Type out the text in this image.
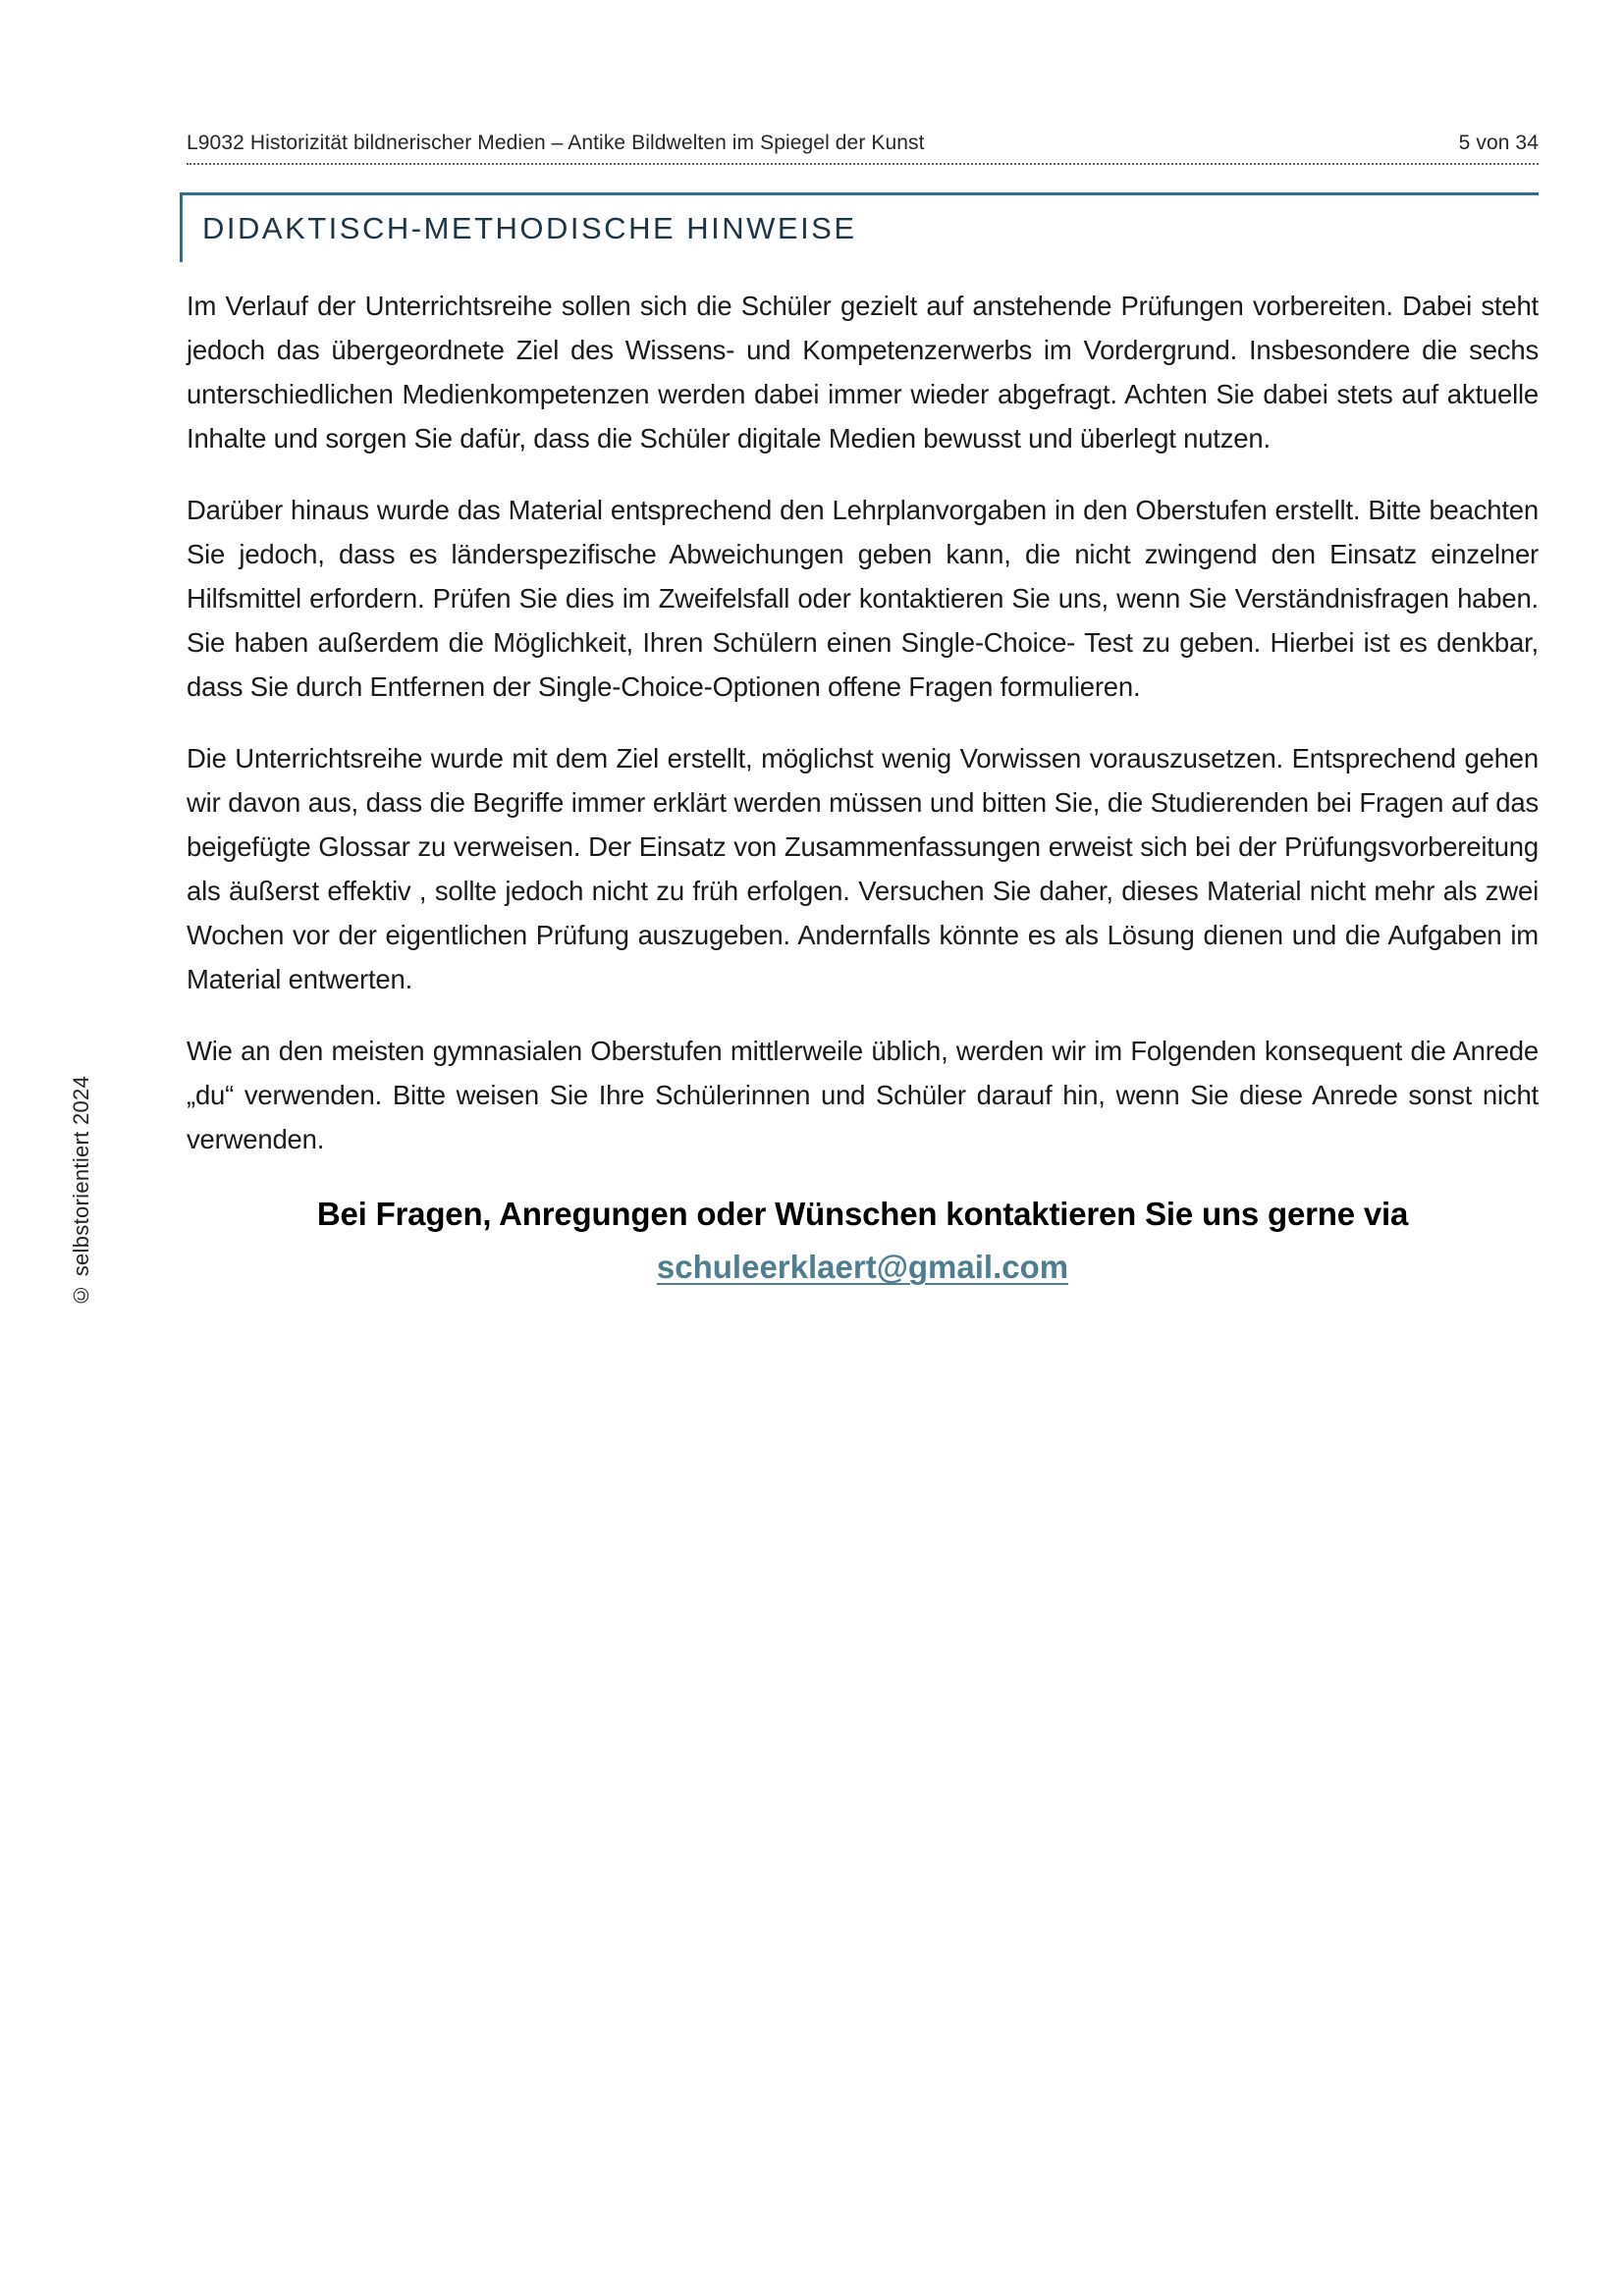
L9032 Historizität bildnerischer Medien – Antike Bildwelten im Spiegel der Kunst	5 von 34
DIDAKTISCH-METHODISCHE HINWEISE

Im Verlauf der Unterrichtsreihe sollen sich die Schüler gezielt auf anstehende Prüfungen vorbereiten. Dabei steht jedoch das übergeordnete Ziel des Wissens- und Kompetenzerwerbs im Vordergrund. Insbesondere die sechs unterschiedlichen Medienkompetenzen werden dabei immer wieder abgefragt. Achten Sie dabei stets auf aktuelle Inhalte und sorgen Sie dafür, dass die Schüler digitale Medien bewusst und überlegt nutzen.

Darüber hinaus wurde das Material entsprechend den Lehrplanvorgaben in den Oberstufen erstellt. Bitte beachten Sie jedoch, dass es länderspezifische Abweichungen geben kann, die nicht zwingend den Einsatz einzelner Hilfsmittel erfordern. Prüfen Sie dies im Zweifelsfall oder kontaktieren Sie uns, wenn Sie Verständnisfragen haben. Sie haben außerdem die Möglichkeit, Ihren Schülern einen Single-Choice- Test zu geben. Hierbei ist es denkbar, dass Sie durch Entfernen der Single-Choice-Optionen offene Fragen formulieren.

Die Unterrichtsreihe wurde mit dem Ziel erstellt, möglichst wenig Vorwissen vorauszusetzen. Entsprechend gehen wir davon aus, dass die Begriffe immer erklärt werden müssen und bitten Sie, die Studierenden bei Fragen auf das beigefügte Glossar zu verweisen. Der Einsatz von Zusammenfassungen erweist sich bei der Prüfungsvorbereitung als äußerst effektiv , sollte jedoch nicht zu früh erfolgen. Versuchen Sie daher, dieses Material nicht mehr als zwei Wochen vor der eigentlichen Prüfung auszugeben. Andernfalls könnte es als Lösung dienen und die Aufgaben im Material entwerten.

Wie an den meisten gymnasialen Oberstufen mittlerweile üblich, werden wir im Folgenden konsequent die Anrede „du“ verwenden. Bitte weisen Sie Ihre Schülerinnen und Schüler darauf hin, wenn Sie diese Anrede sonst nicht verwenden.

Bei Fragen, Anregungen oder Wünschen kontaktieren Sie uns gerne via

schuleerklaert@gmail.com

© selbstorientiert 2024
